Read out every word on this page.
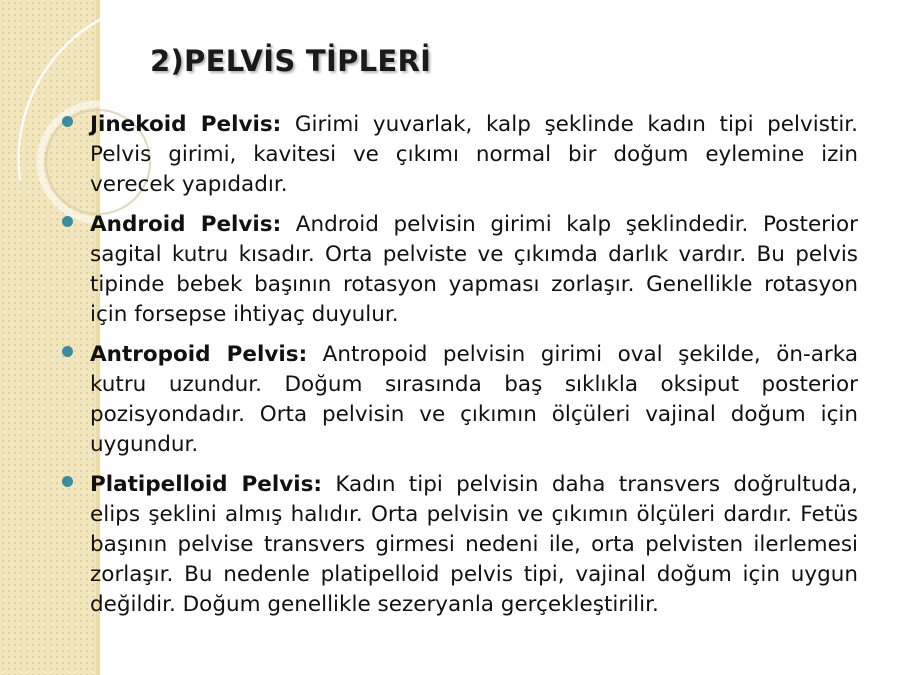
2)PELVİS TİPLERİ

Jinekoid Pelvis: Girimi yuvarlak, kalp şeklinde kadın tipi pelvistir. Pelvis girimi, kavitesi ve çıkımı normal bir doğum eylemine izin verecek yapıdadır.

Android Pelvis: Android pelvisin girimi kalp şeklindedir. Posterior sagital kutru kısadır. Orta pelviste ve çıkımda darlık vardır. Bu pelvis tipinde bebek başının rotasyon yapması zorlaşır. Genellikle rotasyon için forsepse ihtiyaç duyulur.

Antropoid Pelvis: Antropoid pelvisin girimi oval şekilde, ön-arka kutru uzundur. Doğum sırasında baş sıklıkla oksiput posterior pozisyondadır. Orta pelvisin ve çıkımın ölçüleri vajinal doğum için uygundur.

Platipelloid Pelvis: Kadın tipi pelvisin daha transvers doğrultuda, elips şeklini almış halıdır. Orta pelvisin ve çıkımın ölçüleri dardır. Fetüs başının pelvise transvers girmesi nedeni ile, orta pelvisten ilerlemesi zorlaşır. Bu nedenle platipelloid pelvis tipi, vajinal doğum için uygun değildir. Doğum genellikle sezeryanla gerçekleştirilir.
